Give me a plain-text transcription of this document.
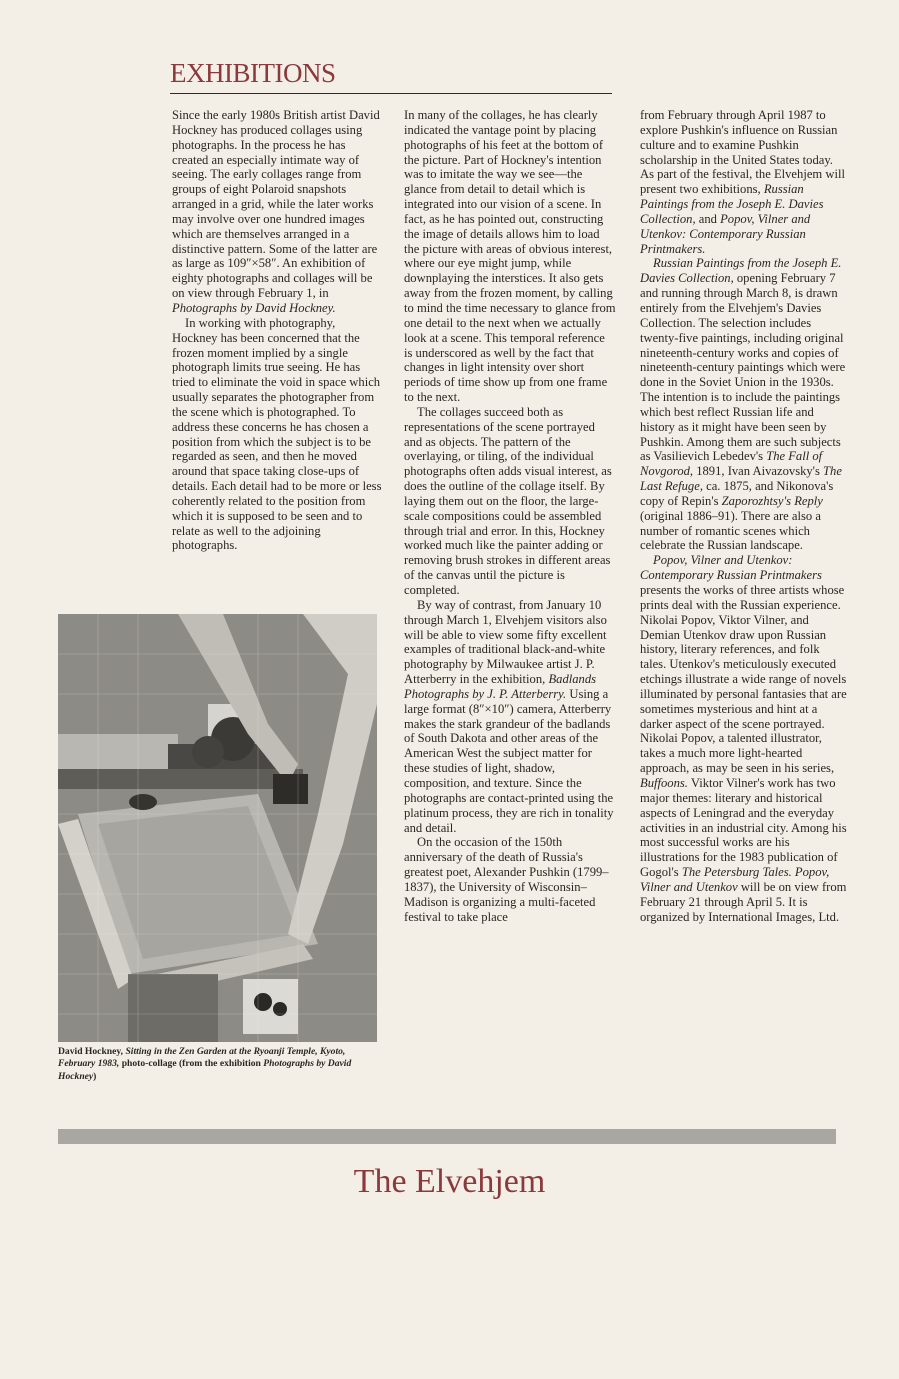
EXHIBITIONS

Since the early 1980s British artist David Hockney has produced collages using photographs. In the process he has created an especially intimate way of seeing. The early collages range from groups of eight Polaroid snapshots arranged in a grid, while the later works may involve over one hundred images which are themselves arranged in a distinctive pattern. Some of the latter are as large as 109″×58″. An exhibition of eighty photographs and collages will be on view through February 1, in Photographs by David Hockney.

In working with photography, Hockney has been concerned that the frozen moment implied by a single photograph limits true seeing. He has tried to eliminate the void in space which usually separates the photographer from the scene which is photographed. To address these concerns he has chosen a position from which the subject is to be regarded as seen, and then he moved around that space taking close-ups of details. Each detail had to be more or less coherently related to the position from which it is supposed to be seen and to relate as well to the adjoining photographs.

In many of the collages, he has clearly indicated the vantage point by placing photographs of his feet at the bottom of the picture. Part of Hockney's intention was to imitate the way we see—the glance from detail to detail which is integrated into our vision of a scene. In fact, as he has pointed out, constructing the image of details allows him to load the picture with areas of obvious interest, where our eye might jump, while downplaying the interstices. It also gets away from the frozen moment, by calling to mind the time necessary to glance from one detail to the next when we actually look at a scene. This temporal reference is underscored as well by the fact that changes in light intensity over short periods of time show up from one frame to the next.

The collages succeed both as representations of the scene portrayed and as objects. The pattern of the overlaying, or tiling, of the individual photographs often adds visual interest, as does the outline of the collage itself. By laying them out on the floor, the large-scale compositions could be assembled through trial and error. In this, Hockney worked much like the painter adding or removing brush strokes in different areas of the canvas until the picture is completed.

By way of contrast, from January 10 through March 1, Elvehjem visitors also will be able to view some fifty excellent examples of traditional black-and-white photography by Milwaukee artist J. P. Atterberry in the exhibition, Badlands Photographs by J. P. Atterberry. Using a large format (8″×10″) camera, Atterberry makes the stark grandeur of the badlands of South Dakota and other areas of the American West the subject matter for these studies of light, shadow, composition, and texture. Since the photographs are contact-printed using the platinum process, they are rich in tonality and detail.

On the occasion of the 150th anniversary of the death of Russia's greatest poet, Alexander Pushkin (1799–1837), the University of Wisconsin–Madison is organizing a multi-faceted festival to take place

from February through April 1987 to explore Pushkin's influence on Russian culture and to examine Pushkin scholarship in the United States today. As part of the festival, the Elvehjem will present two exhibitions, Russian Paintings from the Joseph E. Davies Collection, and Popov, Vilner and Utenkov: Contemporary Russian Printmakers.

Russian Paintings from the Joseph E. Davies Collection, opening February 7 and running through March 8, is drawn entirely from the Elvehjem's Davies Collection. The selection includes twenty-five paintings, including original nineteenth-century works and copies of nineteenth-century paintings which were done in the Soviet Union in the 1930s. The intention is to include the paintings which best reflect Russian life and history as it might have been seen by Pushkin. Among them are such subjects as Vasilievich Lebedev's The Fall of Novgorod, 1891, Ivan Aivazovsky's The Last Refuge, ca. 1875, and Nikonova's copy of Repin's Zaporozhtsy's Reply (original 1886–91). There are also a number of romantic scenes which celebrate the Russian landscape.

Popov, Vilner and Utenkov: Contemporary Russian Printmakers presents the works of three artists whose prints deal with the Russian experience. Nikolai Popov, Viktor Vilner, and Demian Utenkov draw upon Russian history, literary references, and folk tales. Utenkov's meticulously executed etchings illustrate a wide range of novels illuminated by personal fantasies that are sometimes mysterious and hint at a darker aspect of the scene portrayed. Nikolai Popov, a talented illustrator, takes a much more light-hearted approach, as may be seen in his series, Buffoons. Viktor Vilner's work has two major themes: literary and historical aspects of Leningrad and the everyday activities in an industrial city. Among his most successful works are his illustrations for the 1983 publication of Gogol's The Petersburg Tales. Popov, Vilner and Utenkov will be on view from February 21 through April 5. It is organized by International Images, Ltd.

David Hockney, Sitting in the Zen Garden at the Ryoanji Temple, Kyoto, February 1983, photo-collage (from the exhibition Photographs by David Hockney)

The Elvehjem
